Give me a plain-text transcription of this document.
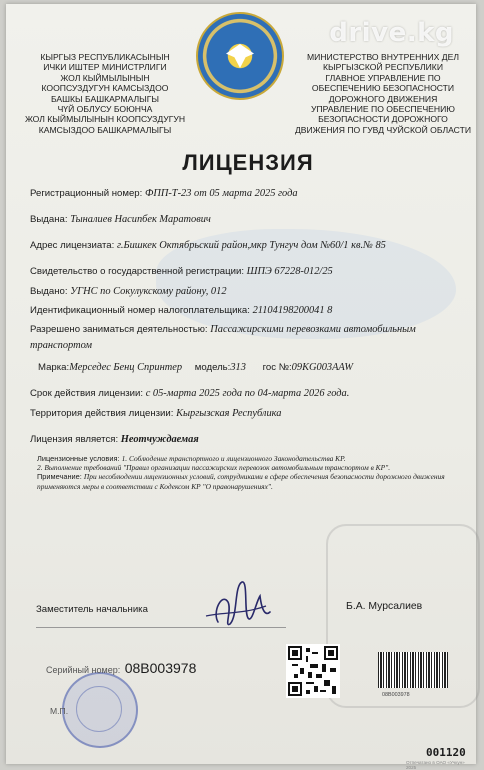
drive.kg
КЫРГЫЗ РЕСПУБЛИКАСЫНЫН
ИЧКИ ИШТЕР МИНИСТРЛИГИ
ЖОЛ КЫЙМЫЛЫНЫН
КООПСУЗДУГУН КАМСЫЗДОО
БАШКЫ БАШКАРМАЛЫГЫ
ЧҮЙ ОБЛУСУ БОЮНЧА
ЖОЛ КЫЙМЫЛЫНЫН КООПСУЗДУГУН
КАМСЫЗДОО БАШКАРМАЛЫГЫ
МИНИСТЕРСТВО ВНУТРЕННИХ ДЕЛ
КЫРГЫЗСКОЙ РЕСПУБЛИКИ
ГЛАВНОЕ УПРАВЛЕНИЕ ПО
ОБЕСПЕЧЕНИЮ БЕЗОПАСНОСТИ
ДОРОЖНОГО ДВИЖЕНИЯ
УПРАВЛЕНИЕ ПО ОБЕСПЕЧЕНИЮ
БЕЗОПАСНОСТИ ДОРОЖНОГО
ДВИЖЕНИЯ ПО ГУВД ЧУЙСКОЙ ОБЛАСТИ
ЛИЦЕНЗИЯ
Регистрационный номер: ФПП-Т-23 от 05 марта 2025 года
Выдана: Тыналиев Насипбек Маратович
Адрес лицензиата: г.Бишкек Октябрьский район,мкр Тунгуч дом №60/1 кв.№ 85
Свидетельство о государственной регистрации: ШПЭ 67228-012/25
Выдано: УГНС по Сокулукскому району, 012
Идентификационный номер налогоплательщика: 21104198200041 8
Разрешено заниматься деятельностью: Пассажирскими перевозками автомобильным
транспортом
Марка:Мерседес Бенц Спринтер модель:313 гос №:09KG003AAW
Срок действия лицензии: с 05-марта 2025 года по 04-марта 2026 года.
Территория действия лицензии: Кыргызская Республика
Лицензия является: Неотчуждаемая
Лицензионные условия: 1. Соблюдение транспортного и лицензионного Законодательства КР.
2. Выполнение требований "Правил организации пассажирских перевозок автомобильным транспортом в КР".
Примечание: При несоблюдении лицензионных условий, сотрудниками в сфере обеспечения безопасности дорожного движения применяются меры в соответствии с Кодексом КР "О правонарушениях".
Заместитель начальника	Б.А. Мурсалиев
Серийный номер: 08B003978
М.П.
08B003978
001120
Отпечатано в ОАО «Учкун» 2025
